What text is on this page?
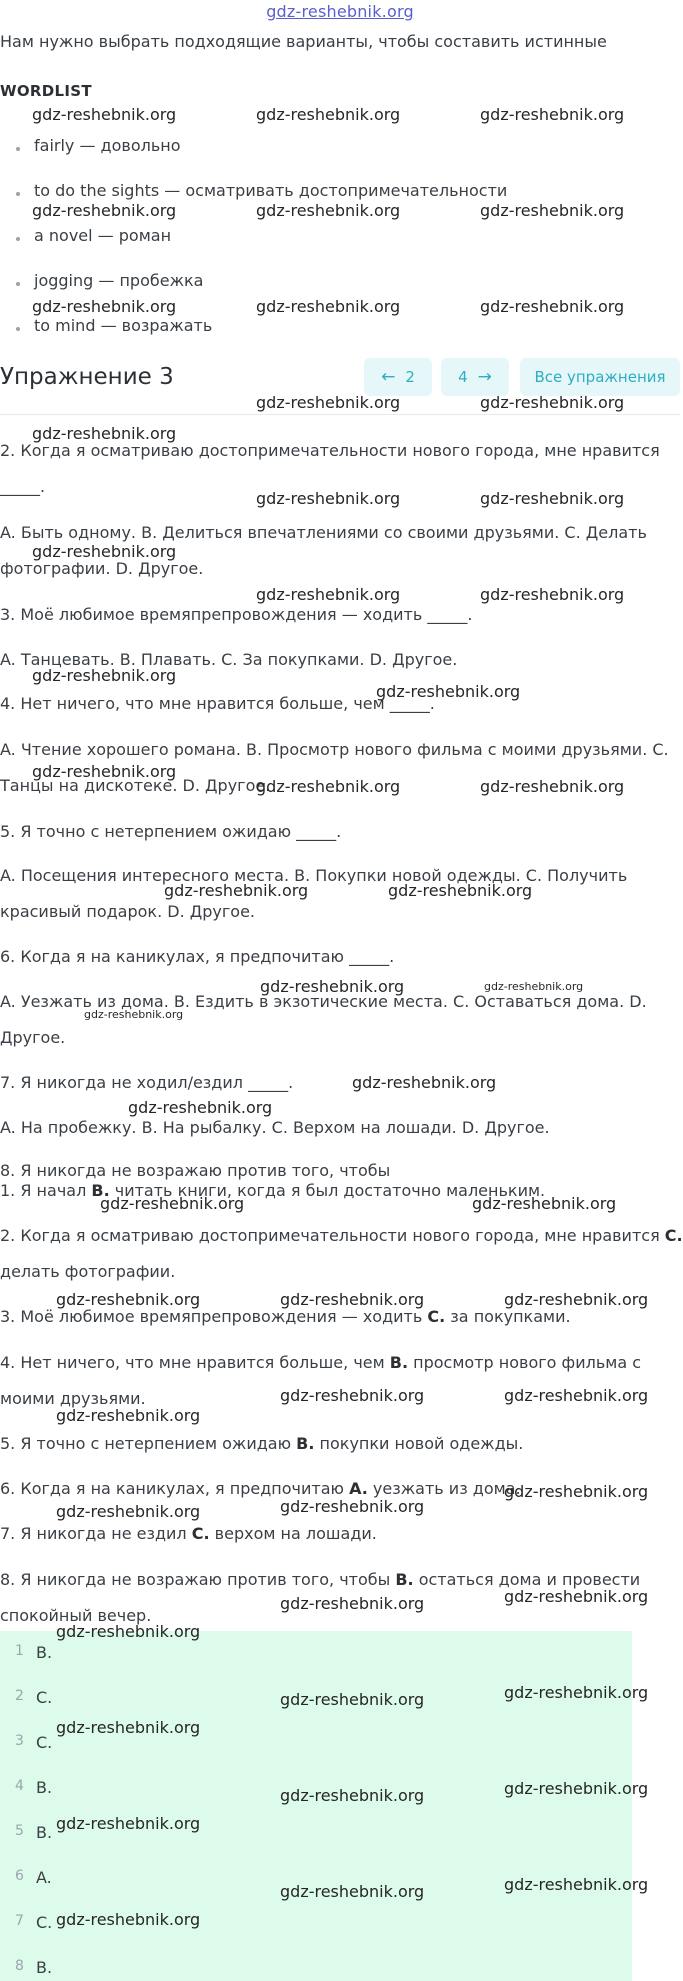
gdz-reshebnik.org
Нам нужно выбрать подходящие варианты, чтобы составить истинные
WORDLIST
fairly — довольно
to do the sights — осматривать достопримечательности
a novel — роман
jogging — пробежка
to mind — возражать
Упражнение 3	← 2	4 →	Все упражнения
2. Когда я осматриваю достопримечательности нового города, мне нравится
_____.
A. Быть одному. B. Делиться впечатлениями со своими друзьями. C. Делать
фотографии. D. Другое.
3. Моё любимое времяпрепровождения — ходить _____.
A. Танцевать. B. Плавать. C. За покупками. D. Другое.
4. Нет ничего, что мне нравится больше, чем _____.
A. Чтение хорошего романа. B. Просмотр нового фильма с моими друзьями. C.
Танцы на дискотеке. D. Другое.
5. Я точно с нетерпением ожидаю _____.
A. Посещения интересного места. B. Покупки новой одежды. C. Получить
красивый подарок. D. Другое.
6. Когда я на каникулах, я предпочитаю _____.
A. Уезжать из дома. B. Ездить в экзотические места. C. Оставаться дома. D.
Другое.
7. Я никогда не ходил/ездил _____.
A. На пробежку. B. На рыбалку. C. Верхом на лошади. D. Другое.
8. Я никогда не возражаю против того, чтобы
1. Я начал B. читать книги, когда я был достаточно маленьким.
2. Когда я осматриваю достопримечательности нового города, мне нравится C.
делать фотографии.
3. Моё любимое времяпрепровождения — ходить C. за покупками.
4. Нет ничего, что мне нравится больше, чем B. просмотр нового фильма с
моими друзьями.
5. Я точно с нетерпением ожидаю B. покупки новой одежды.
6. Когда я на каникулах, я предпочитаю A. уезжать из дома.
7. Я никогда не ездил C. верхом на лошади.
8. Я никогда не возражаю против того, чтобы B. остаться дома и провести
спокойный вечер.
1 B.
2 C.
3 C.
4 B.
5 B.
6 A.
7 C.
8 B.
gdz-reshebnik.org	gdz-reshebnik.org	gdz-reshebnik.org
gdz-reshebnik.org	gdz-reshebnik.org	gdz-reshebnik.org
gdz-reshebnik.org	gdz-reshebnik.org	gdz-reshebnik.org
gdz-reshebnik.org	gdz-reshebnik.org
gdz-reshebnik.org
gdz-reshebnik.org	gdz-reshebnik.org
gdz-reshebnik.org
gdz-reshebnik.org	gdz-reshebnik.org
gdz-reshebnik.org
gdz-reshebnik.org
gdz-reshebnik.org
gdz-reshebnik.org	gdz-reshebnik.org
gdz-reshebnik.org	gdz-reshebnik.org
gdz-reshebnik.org	gdz-reshebnik.org
gdz-reshebnik.org
gdz-reshebnik.org
gdz-reshebnik.org
gdz-reshebnik.org	gdz-reshebnik.org
gdz-reshebnik.org	gdz-reshebnik.org	gdz-reshebnik.org
gdz-reshebnik.org	gdz-reshebnik.org
gdz-reshebnik.org
gdz-reshebnik.org
gdz-reshebnik.org
gdz-reshebnik.org
gdz-reshebnik.org	gdz-reshebnik.org
gdz-reshebnik.org
gdz-reshebnik.org
gdz-reshebnik.org
gdz-reshebnik.org
gdz-reshebnik.org
gdz-reshebnik.org
gdz-reshebnik.org
gdz-reshebnik.org
gdz-reshebnik.org
gdz-reshebnik.org
